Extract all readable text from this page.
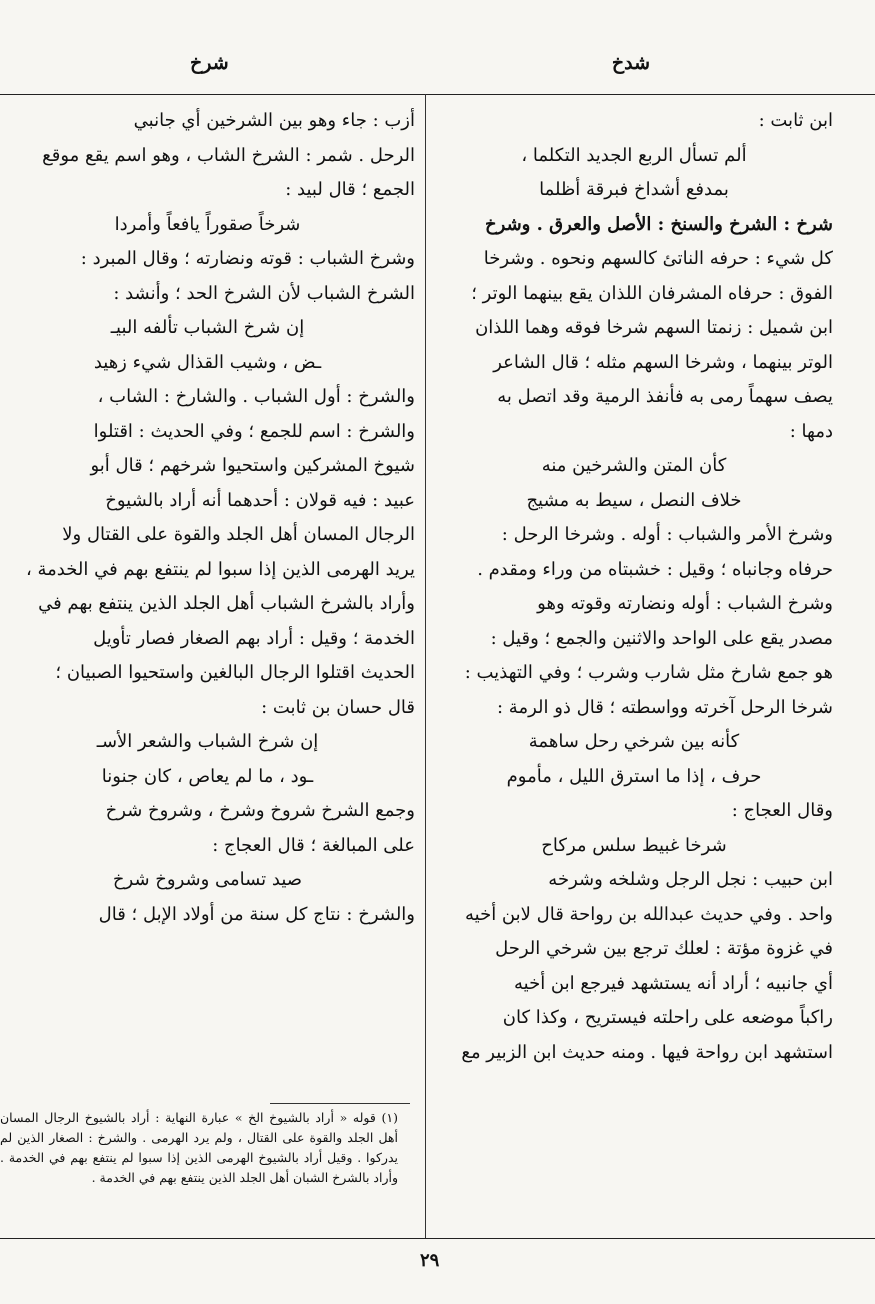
شدخ
شرخ

ابن ثابت :

ألم تسأل الربع الجديد التكلما ،

بمدفع أشداخ فبرقة أظلما

شرخ : الشرخ والسنخ : الأصل والعرق . وشرخ

كل شيء : حرفه الناتئ كالسهم ونحوه . وشرخا

الفوق : حرفاه المشرفان اللذان يقع بينهما الوتر ؛

ابن شميل : زنمتا السهم شرخا فوقه وهما اللذان

الوتر بينهما ، وشرخا السهم مثله ؛ قال الشاعر

يصف سهماً رمى به فأنفذ الرمية وقد اتصل به

دمها :

كأن المتن والشرخين منه

خلاف النصل ، سيط به مشيج

وشرخ الأمر والشباب : أوله . وشرخا الرحل :

حرفاه وجانباه ؛ وقيل : خشبتاه من وراء ومقدم .

وشرخ الشباب : أوله ونضارته وقوته وهو

مصدر يقع على الواحد والاثنين والجمع ؛ وقيل :

هو جمع شارخ مثل شارب وشرب ؛ وفي التهذيب :

شرخا الرحل آخرته وواسطته ؛ قال ذو الرمة :

كأنه بين شرخي رحل ساهمة

حرف ، إذا ما استرق الليل ، مأموم

وقال العجاج :

شرخا غبيط سلس مركاح

ابن حبيب : نجل الرجل وشلخه وشرخه

واحد . وفي حديث عبدالله بن رواحة قال لابن أخيه

في غزوة مؤتة : لعلك ترجع بين شرخي الرحل

أي جانبيه ؛ أراد أنه يستشهد فيرجع ابن أخيه

راكباً موضعه على راحلته فيستريح ، وكذا كان

استشهد ابن رواحة فيها . ومنه حديث ابن الزبير مع

أزب : جاء وهو بين الشرخين أي جانبي

الرحل . شمر : الشرخ الشاب ، وهو اسم يقع موقع

الجمع ؛ قال لبيد :

شرخاً صقوراً يافعاً وأمردا

وشرخ الشباب : قوته ونضارته ؛ وقال المبرد :

الشرخ الشباب لأن الشرخ الحد ؛ وأنشد :

إن شرخ الشباب تألفه البيـ

ـض ، وشيب القذال شيء زهيد

والشرخ : أول الشباب . والشارخ : الشاب ،

والشرخ : اسم للجمع ؛ وفي الحديث : اقتلوا

شيوخ المشركين واستحيوا شرخهم ؛ قال أبو

عبيد : فيه قولان : أحدهما أنه أراد بالشيوخ

الرجال المسان أهل الجلد والقوة على القتال ولا

يريد الهرمى الذين إذا سبوا لم ينتفع بهم في الخدمة ،

وأراد بالشرخ الشباب أهل الجلد الذين ينتفع بهم في

الخدمة ؛ وقيل : أراد بهم الصغار فصار تأويل

الحديث اقتلوا الرجال البالغين واستحيوا الصبيان ؛

قال حسان بن ثابت :

إن شرخ الشباب والشعر الأسـ

ـود ، ما لم يعاص ، كان جنونا

وجمع الشرخ شروخ وشرخ ، وشروخ شرخ

على المبالغة ؛ قال العجاج :

صيد تسامى وشروخ شرخ

والشرخ : نتاج كل سنة من أولاد الإبل ؛ قال

(١) قوله « أراد بالشيوخ الخ » عبارة النهاية : أراد بالشيوخ الرجال المسان أهل الجلد والقوة على القتال ، ولم يرد الهرمى . والشرخ : الصغار الذين لم يدركوا . وقيل أراد بالشيوخ الهرمى الذين إذا سبوا لم ينتفع بهم في الخدمة . وأراد بالشرخ الشبان أهل الجلد الذين ينتفع بهم في الخدمة .
٢٩
